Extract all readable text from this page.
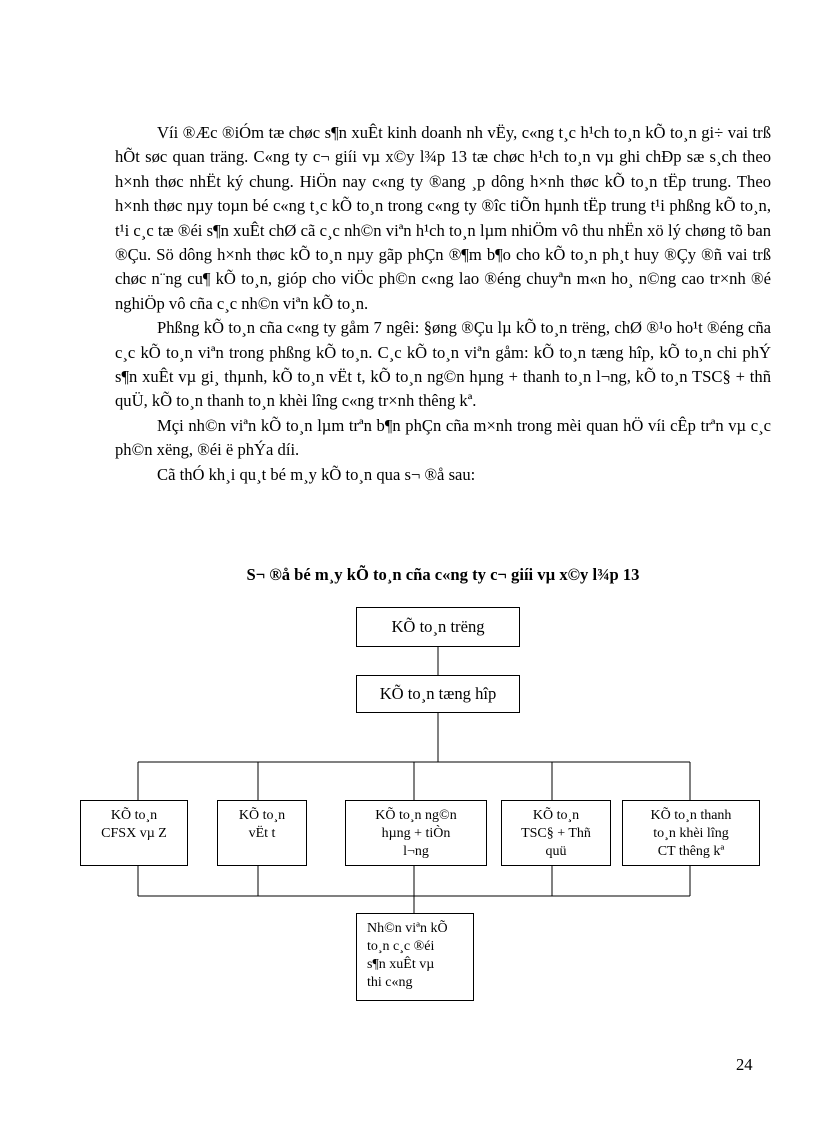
Víi ®Æc ®iÓm tæ chøc s¶n xuÊt kinh doanh nh vËy, c«ng t¸c h¹ch to¸n kÕ to¸n gi÷ vai trß hÕt søc quan träng. C«ng ty c¬ giíi vµ x©y l¾p 13 tæ chøc h¹ch to¸n vµ ghi chÐp sæ s¸ch theo h×nh thøc nhËt ký chung. HiÖn nay c«ng ty ®ang ¸p dông h×nh thøc kÕ to¸n tËp trung. Theo h×nh thøc nµy toµn bé c«ng t¸c kÕ to¸n trong c«ng ty ®îc tiÕn hµnh tËp trung t¹i phßng kÕ to¸n, t¹i c¸c tæ ®éi s¶n xuÊt chØ cã c¸c nh©n viªn h¹ch to¸n lµm nhiÖm vô thu nhËn xö lý chøng tõ ban ®Çu. Sö dông h×nh thøc kÕ to¸n nµy gãp phÇn ®¶m b¶o cho kÕ to¸n ph¸t huy ®Çy ®ñ vai trß chøc n¨ng cu¶ kÕ to¸n, gióp cho viÖc ph©n c«ng lao ®éng chuyªn m«n ho¸ n©ng cao tr×nh ®é nghiÖp vô cña c¸c nh©n viªn kÕ to¸n.

Phßng kÕ to¸n cña c«ng ty gåm 7 ngêi: §øng ®Çu lµ kÕ to¸n trëng, chØ ®¹o ho¹t ®éng cña c¸c kÕ to¸n viªn trong phßng kÕ to¸n. C¸c kÕ to¸n viªn gåm: kÕ to¸n tæng hîp, kÕ to¸n chi phÝ s¶n xuÊt vµ gi¸ thµnh, kÕ to¸n vËt t, kÕ to¸n ng©n hµng + thanh to¸n l¬ng, kÕ to¸n TSC§ + thñ quÜ, kÕ to¸n thanh to¸n khèi lîng c«ng tr×nh thêng kª.

Mçi nh©n viªn kÕ to¸n lµm trªn b¶n phÇn cña m×nh trong mèi quan hÖ víi cÊp trªn vµ c¸c ph©n xëng, ®éi ë phÝa díi.

Cã thÓ kh¸i qu¸t bé m¸y kÕ to¸n qua s¬ ®å sau:

S¬ ®å bé m¸y kÕ to¸n cña c«ng ty c¬ giíi vµ x©y l¾p 13
KÕ to¸n trëng
KÕ to¸n tæng hîp
KÕ to¸n
CFSX vµ Z
KÕ to¸n
vËt t
KÕ to¸n ng©n
hµng + tiÒn
l¬ng
KÕ to¸n
TSC§ + Thñ
quü
KÕ to¸n thanh
to¸n khèi lîng
CT thêng kª
Nh©n viªn kÕ
to¸n c¸c ®éi
s¶n xuÊt vµ
thi c«ng
24
